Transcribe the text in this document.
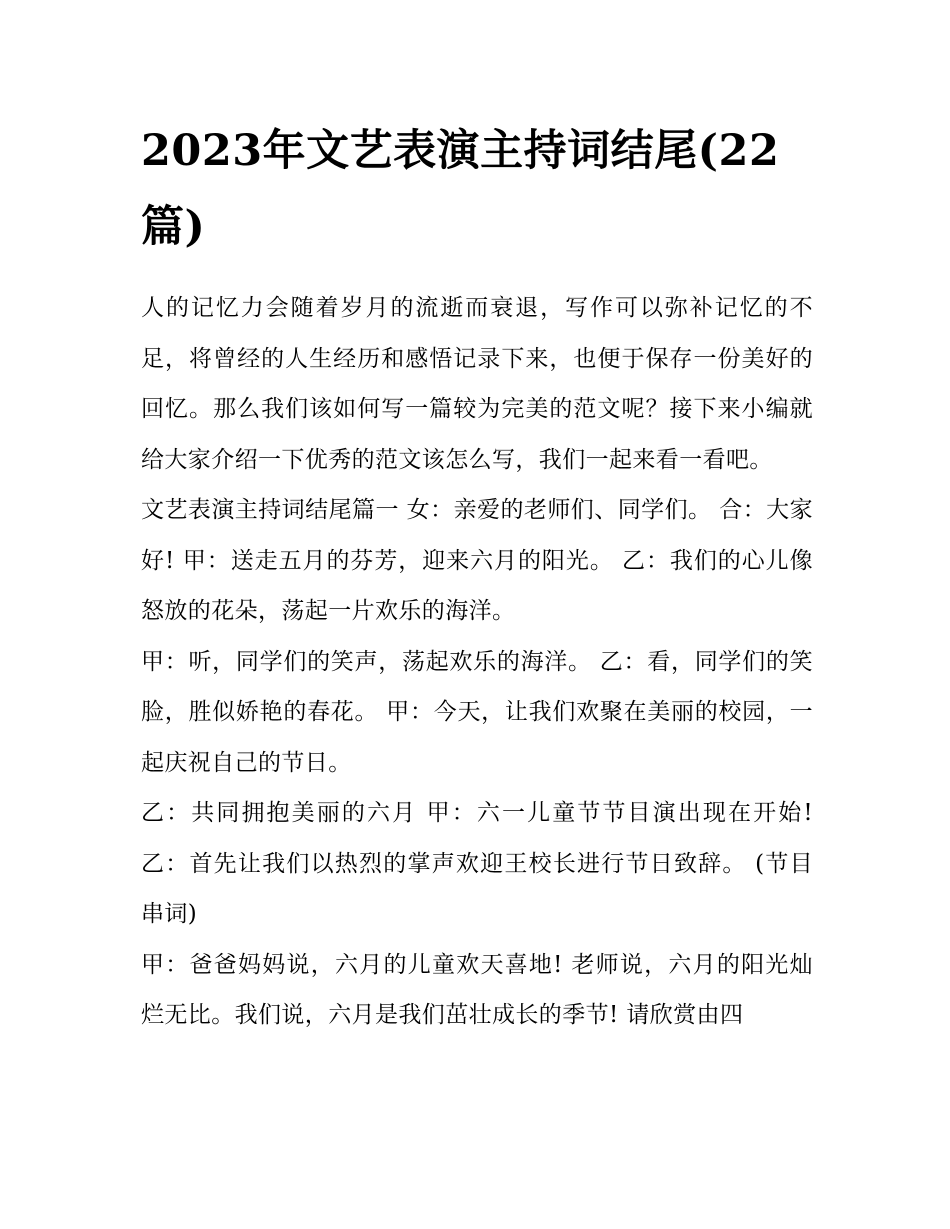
2023年文艺表演主持词结尾(22篇)

人的记忆力会随着岁月的流逝而衰退，写作可以弥补记忆的不足，将曾经的人生经历和感悟记录下来，也便于保存一份美好的回忆。那么我们该如何写一篇较为完美的范文呢？接下来小编就给大家介绍一下优秀的范文该怎么写，我们一起来看一看吧。

文艺表演主持词结尾篇一 女：亲爱的老师们、同学们。 合：大家好! 甲：送走五月的芬芳，迎来六月的阳光。 乙：我们的心儿像怒放的花朵，荡起一片欢乐的海洋。

甲：听，同学们的笑声，荡起欢乐的海洋。 乙：看，同学们的笑脸，胜似娇艳的春花。 甲：今天，让我们欢聚在美丽的校园，一起庆祝自己的节日。

乙：共同拥抱美丽的六月 甲：六一儿童节节目演出现在开始! 乙：首先让我们以热烈的掌声欢迎王校长进行节日致辞。 (节目串词)

甲：爸爸妈妈说，六月的儿童欢天喜地! 老师说，六月的阳光灿烂无比。我们说，六月是我们茁壮成长的季节! 请欣赏由四
